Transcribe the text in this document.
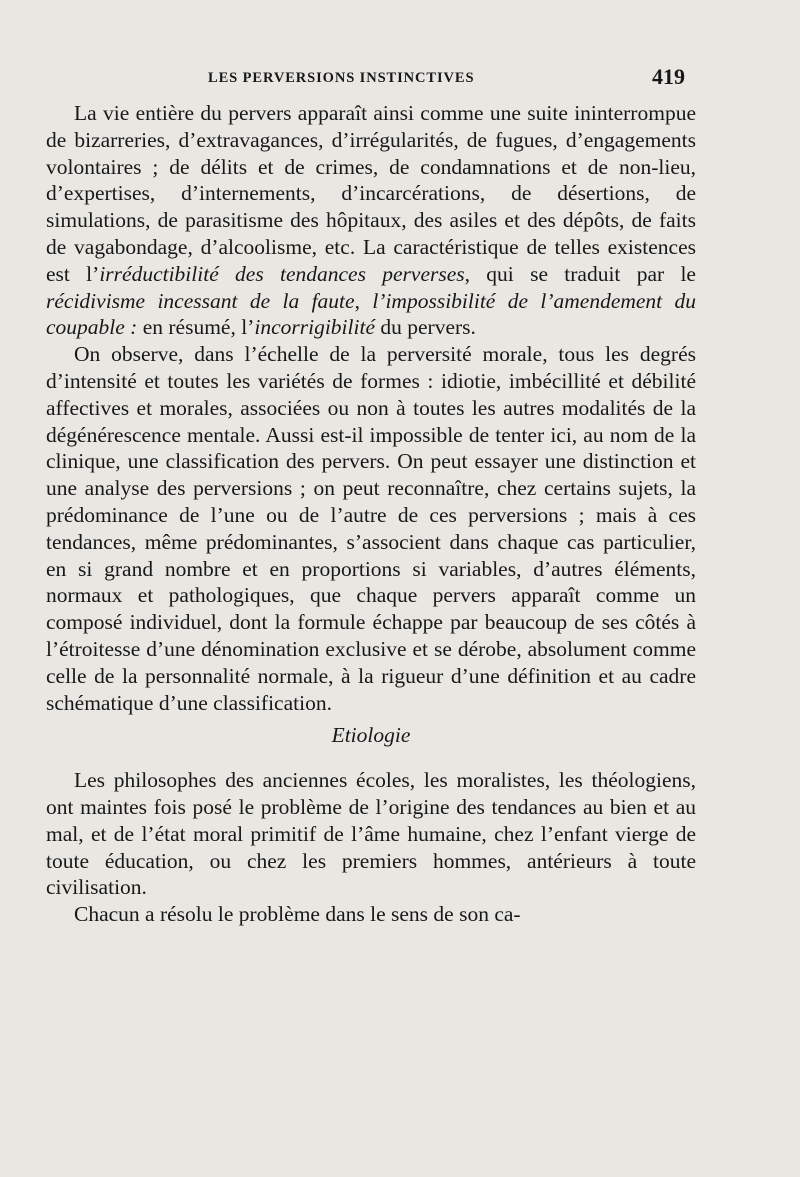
LES PERVERSIONS INSTINCTIVES	419

La vie entière du pervers apparaît ainsi comme une suite ininterrompue de bizarreries, d’extravagances, d’irrégularités, de fugues, d’engagements volontaires ; de délits et de crimes, de condamnations et de non-lieu, d’expertises, d’internements, d’incarcérations, de désertions, de simulations, de parasitisme des hôpitaux, des asiles et des dépôts, de faits de vagabondage, d’alcoolisme, etc. La caractéristique de telles existences est l’irréductibilité des tendances perverses, qui se traduit par le récidivisme incessant de la faute, l’impossibilité de l’amendement du coupable : en résumé, l’incorrigibilité du pervers.

On observe, dans l’échelle de la perversité morale, tous les degrés d’intensité et toutes les variétés de formes : idiotie, imbécillité et débilité affectives et morales, associées ou non à toutes les autres modalités de la dégénérescence mentale. Aussi est-il impossible de tenter ici, au nom de la clinique, une classification des pervers. On peut essayer une distinction et une analyse des perversions ; on peut reconnaître, chez certains sujets, la prédominance de l’une ou de l’autre de ces perversions ; mais à ces tendances, même prédominantes, s’associent dans chaque cas particulier, en si grand nombre et en proportions si variables, d’autres éléments, normaux et pathologiques, que chaque pervers apparaît comme un composé individuel, dont la formule échappe par beaucoup de ses côtés à l’étroitesse d’une dénomination exclusive et se dérobe, absolument comme celle de la personnalité normale, à la rigueur d’une définition et au cadre schématique d’une classification.

Etiologie

Les philosophes des anciennes écoles, les moralistes, les théologiens, ont maintes fois posé le problème de l’origine des tendances au bien et au mal, et de l’état moral primitif de l’âme humaine, chez l’enfant vierge de toute éducation, ou chez les premiers hommes, antérieurs à toute civilisation.

Chacun a résolu le problème dans le sens de son ca-
